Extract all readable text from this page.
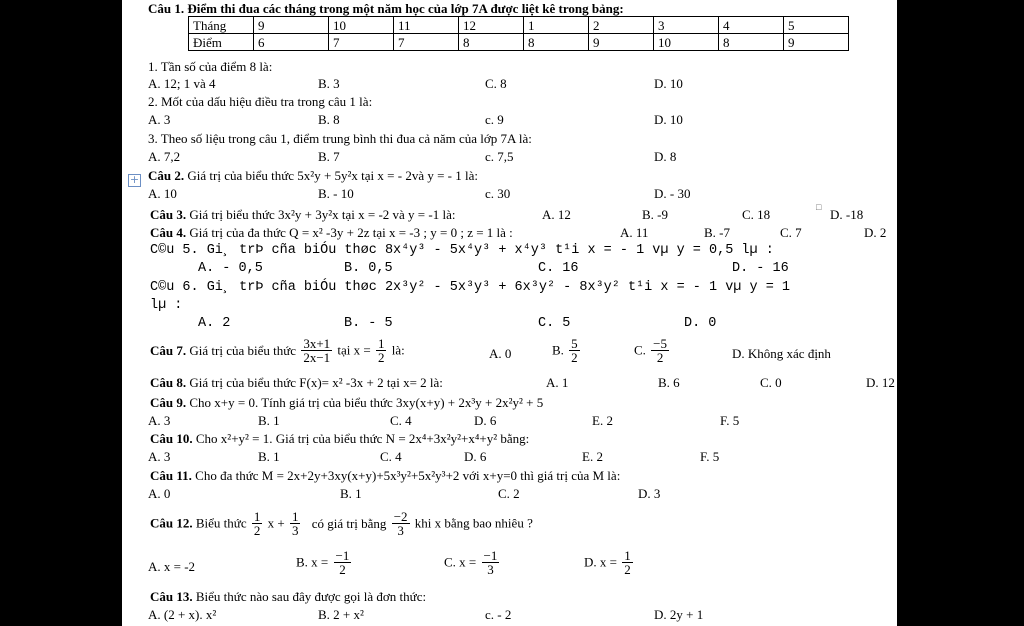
Câu 1. Điểm thi đua các tháng trong một năm học của lớp 7A được liệt kê trong bảng:
Tháng	9	10	11	12	1	2	3	4	5
Điểm	6	7	7	8	8	9	10	8	9
1. Tần số của điểm 8 là:
A. 12; 1 và 4	B. 3	C. 8	D. 10
2. Mốt của dấu hiệu điều tra trong câu 1 là:
A. 3	B. 8	c. 9	D. 10
3. Theo số liệu trong câu 1, điểm trung bình thi đua cả năm của lớp 7A là:
A. 7,2	B. 7	c. 7,5	D. 8
+ Câu 2. Giá trị của biểu thức 5x²y + 5y²x tại x = - 2và y = - 1 là:
A. 10	B. - 10	c. 30	D. - 30
Câu 3. Giá trị biểu thức 3x²y + 3y²x tại x = -2 và y = -1 là:	A. 12	B. -9	C. 18	□ D. -18
Câu 4. Giá trị của đa thức Q = x² -3y + 2z tại x = -3 ; y = 0 ; z = 1 là :	A. 11	B. -7	C. 7	D. 2
C©u 5. Gi¸ trÞ cña biÓu thøc 8x⁴y³ - 5x⁴y³ + x⁴y³ t¹i x = - 1 vµ y = 0,5 lµ :
A. - 0,5	B. 0,5	C. 16	D. - 16
C©u 6. Gi¸ trÞ cña biÓu thøc 2x³y² - 5x³y³ + 6x³y² - 8x³y² t¹i x = - 1 vµ y = 1
lµ :
A. 2	B. - 5	C. 5	D. 0
Câu 7. Giá trị của biểu thức $\frac{3x+1}{2x-1}$ tại $x = \frac{1}{2}$ là:	A. 0	B. $\frac{5}{2}$	C. $\frac{-5}{2}$	D. Không xác định
Câu 8. Giá trị của biểu thức F(x)= x² -3x + 2 tại x= 2 là:	A. 1	B. 6	C. 0	D. 12
Câu 9. Cho x+y = 0. Tính giá trị của biểu thức 3xy(x+y) + 2x³y + 2x²y² + 5
A. 3	B. 1	C. 4	D. 6	E. 2	F. 5
Câu 10. Cho x²+y² = 1. Giá trị của biểu thức N = 2x⁴+3x²y²+x⁴+y² bằng:
A. 3	B. 1	C. 4	D. 6	E. 2	F. 5
Câu 11. Cho đa thức M = 2x+2y+3xy(x+y)+5x³y²+5x²y³+2 với x+y=0 thì giá trị của M là:
A. 0	B. 1	C. 2	D. 3
Câu 12. Biểu thức $\frac{1}{2}$ $x + \frac{1}{3}$ có giá trị bằng $\frac{-2}{3}$ khi x bằng bao nhiêu ?
A. x = -2	B. $x = \frac{-1}{2}$	C. $x = \frac{-1}{3}$	D. $x = \frac{1}{2}$
Câu 13. Biểu thức nào sau đây được gọi là đơn thức:
A. (2 + x). x²	B. 2 + x²	c. - 2	D. 2y + 1
